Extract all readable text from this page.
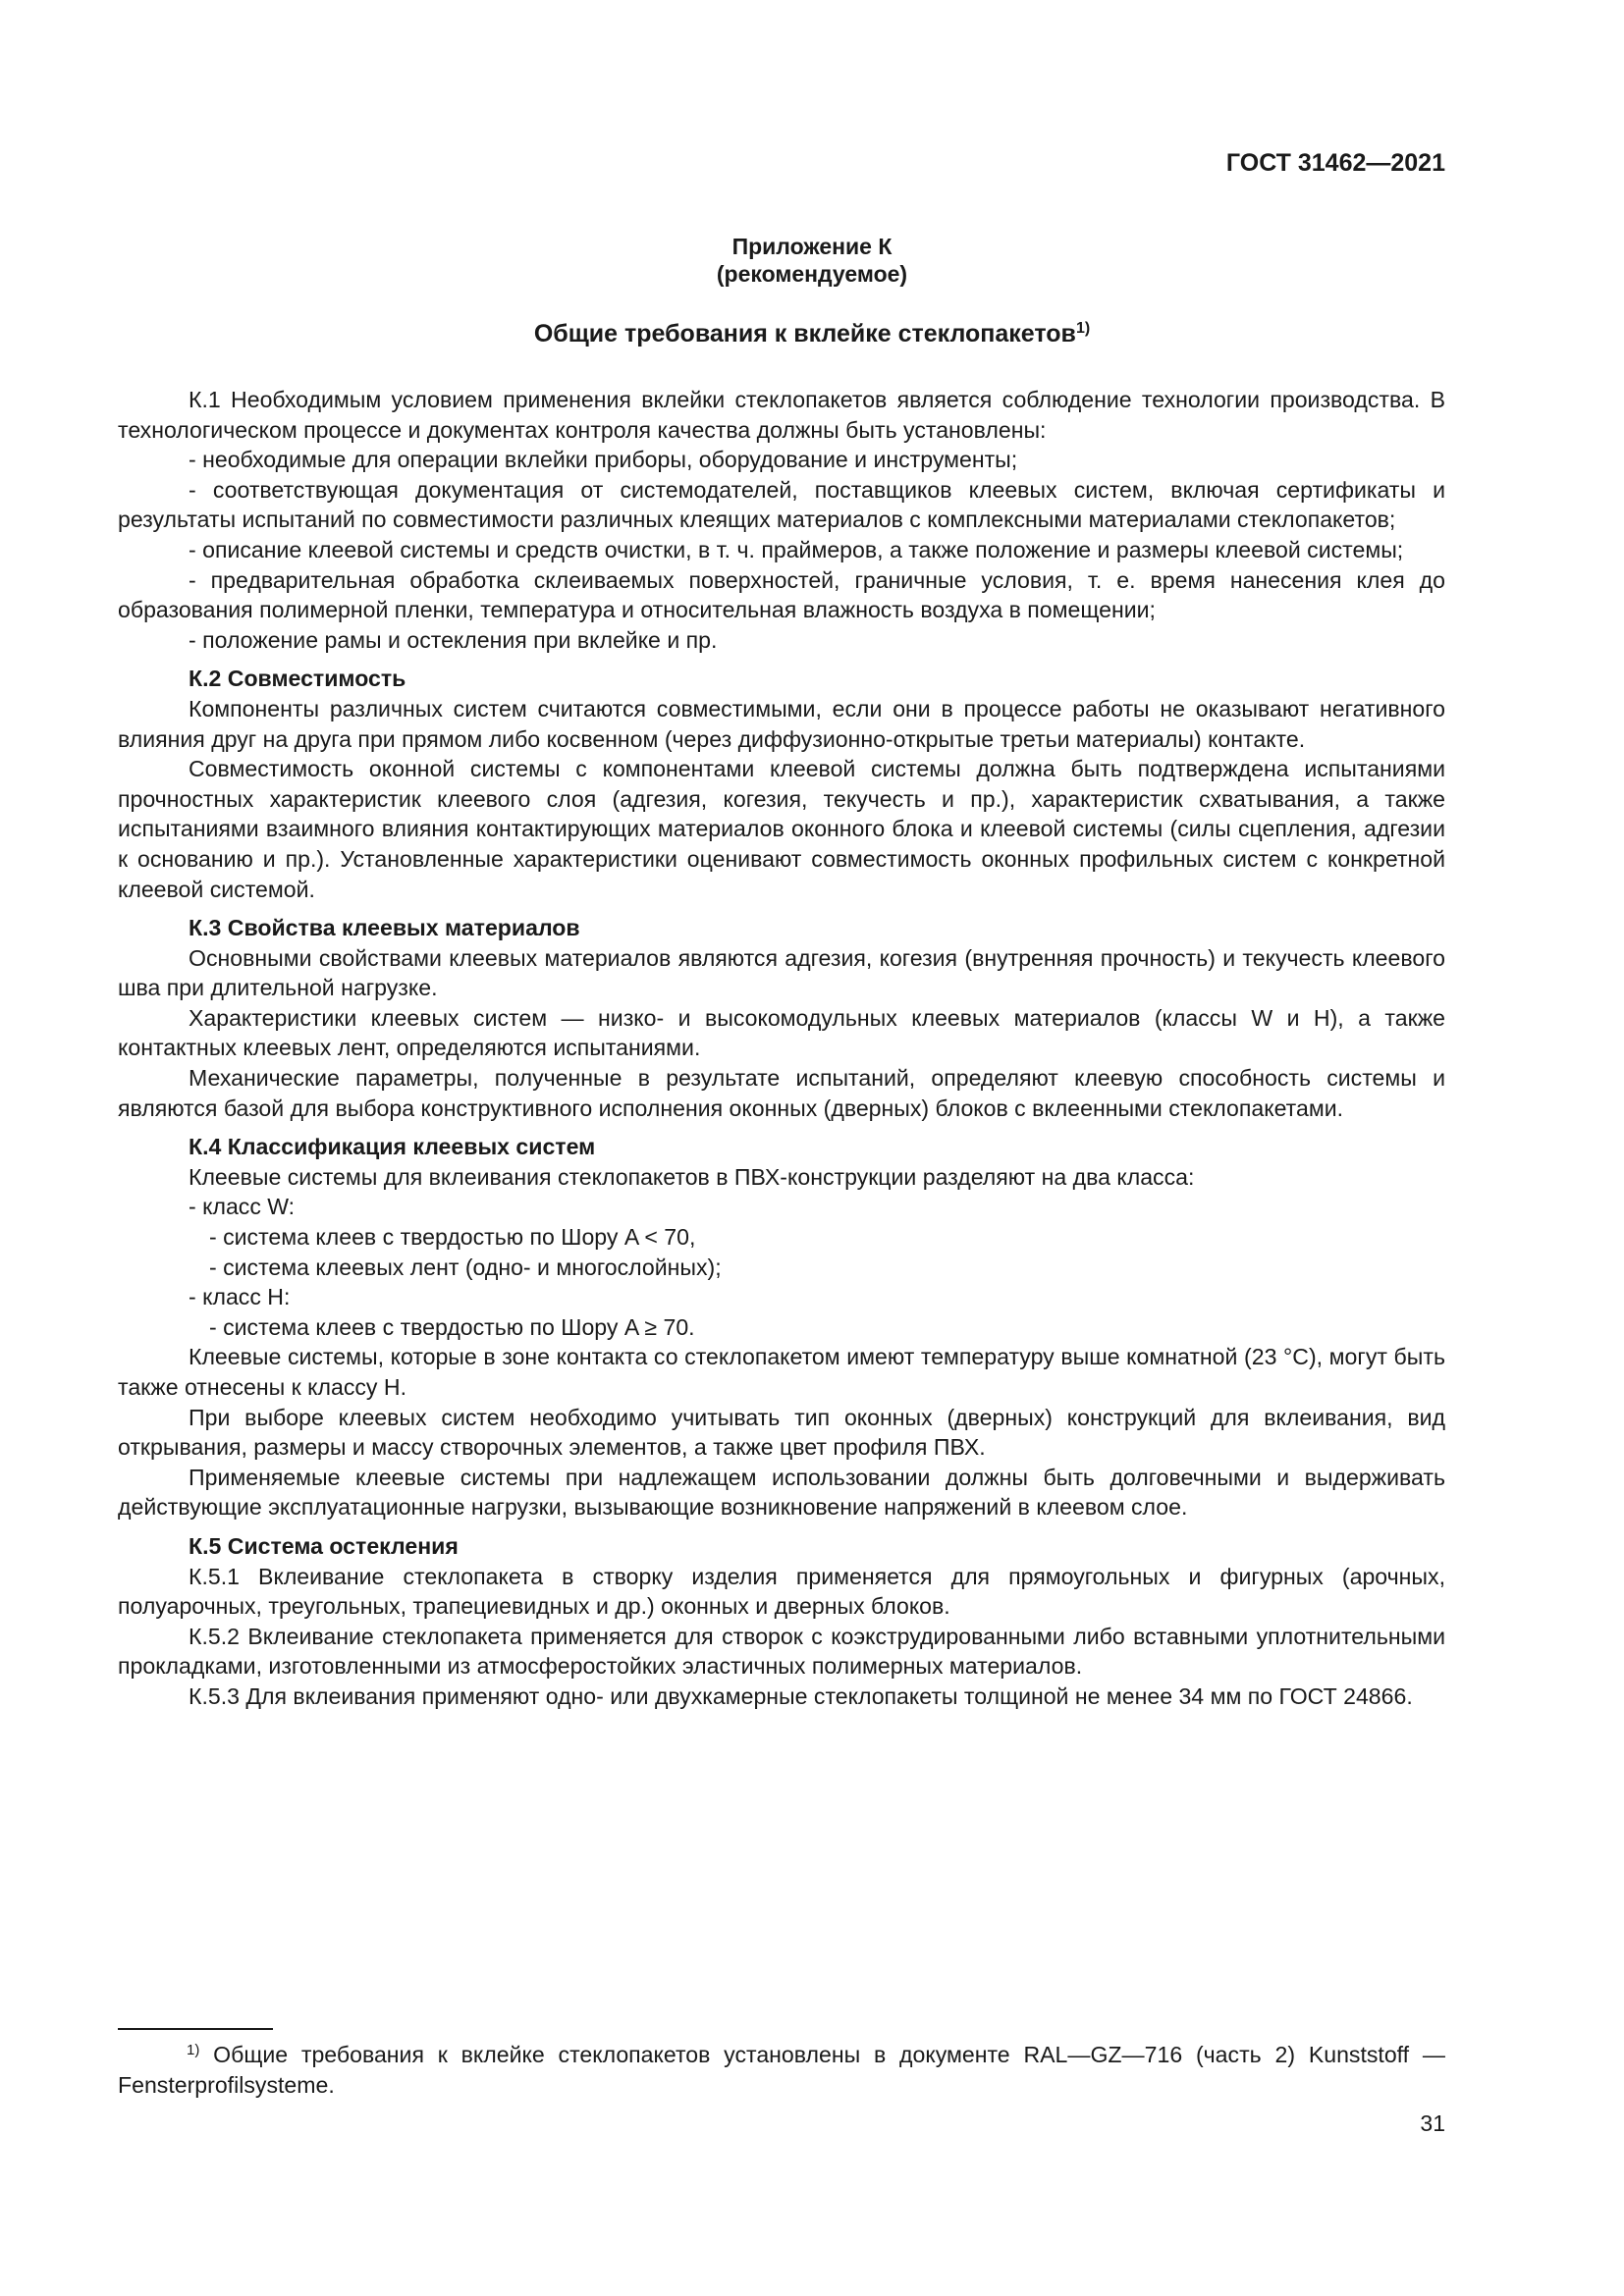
ГОСТ 31462—2021
Приложение К
(рекомендуемое)
Общие требования к вклейке стеклопакетов$^{1)}$

К.1 Необходимым условием применения вклейки стеклопакетов является соблюдение технологии производства. В технологическом процессе и документах контроля качества должны быть установлены:

- необходимые для операции вклейки приборы, оборудование и инструменты;

- соответствующая документация от системодателей, поставщиков клеевых систем, включая сертификаты и результаты испытаний по совместимости различных клеящих материалов с комплексными материалами стеклопакетов;

- описание клеевой системы и средств очистки, в т. ч. праймеров, а также положение и размеры клеевой системы;

- предварительная обработка склеиваемых поверхностей, граничные условия, т. е. время нанесения клея до образования полимерной пленки, температура и относительная влажность воздуха в помещении;

- положение рамы и остекления при вклейке и пр.

К.2 Совместимость

Компоненты различных систем считаются совместимыми, если они в процессе работы не оказывают негативного влияния друг на друга при прямом либо косвенном (через диффузионно-открытые третьи материалы) контакте.

Совместимость оконной системы с компонентами клеевой системы должна быть подтверждена испытаниями прочностных характеристик клеевого слоя (адгезия, когезия, текучесть и пр.), характеристик схватывания, а также испытаниями взаимного влияния контактирующих материалов оконного блока и клеевой системы (силы сцепления, адгезии к основанию и пр.). Установленные характеристики оценивают совместимость оконных профильных систем с конкретной клеевой системой.

К.3 Свойства клеевых материалов

Основными свойствами клеевых материалов являются адгезия, когезия (внутренняя прочность) и текучесть клеевого шва при длительной нагрузке.

Характеристики клеевых систем — низко- и высокомодульных клеевых материалов (классы W и H), а также контактных клеевых лент, определяются испытаниями.

Механические параметры, полученные в результате испытаний, определяют клеевую способность системы и являются базой для выбора конструктивного исполнения оконных (дверных) блоков с вклеенными стеклопакетами.

К.4 Классификация клеевых систем

Клеевые системы для вклеивания стеклопакетов в ПВХ-конструкции разделяют на два класса:

- класс W:

- система клеев с твердостью по Шору A < 70,

- система клеевых лент (одно- и многослойных);

- класс H:

- система клеев с твердостью по Шору A ≥ 70.

Клеевые системы, которые в зоне контакта со стеклопакетом имеют температуру выше комнатной (23 °С), могут быть также отнесены к классу H.

При выборе клеевых систем необходимо учитывать тип оконных (дверных) конструкций для вклеивания, вид открывания, размеры и массу створочных элементов, а также цвет профиля ПВХ.

Применяемые клеевые системы при надлежащем использовании должны быть долговечными и выдерживать действующие эксплуатационные нагрузки, вызывающие возникновение напряжений в клеевом слое.

К.5 Система остекления

К.5.1 Вклеивание стеклопакета в створку изделия применяется для прямоугольных и фигурных (арочных, полуарочных, треугольных, трапециевидных и др.) оконных и дверных блоков.

К.5.2 Вклеивание стеклопакета применяется для створок с коэкструдированными либо вставными уплотнительными прокладками, изготовленными из атмосферостойких эластичных полимерных материалов.

К.5.3 Для вклеивания применяют одно- или двухкамерные стеклопакеты толщиной не менее 34 мм по ГОСТ 24866.

$^{1)}$ Общие требования к вклейке стеклопакетов установлены в документе RAL—GZ—716 (часть 2) Kunststoff — Fensterprofilsysteme.

31
